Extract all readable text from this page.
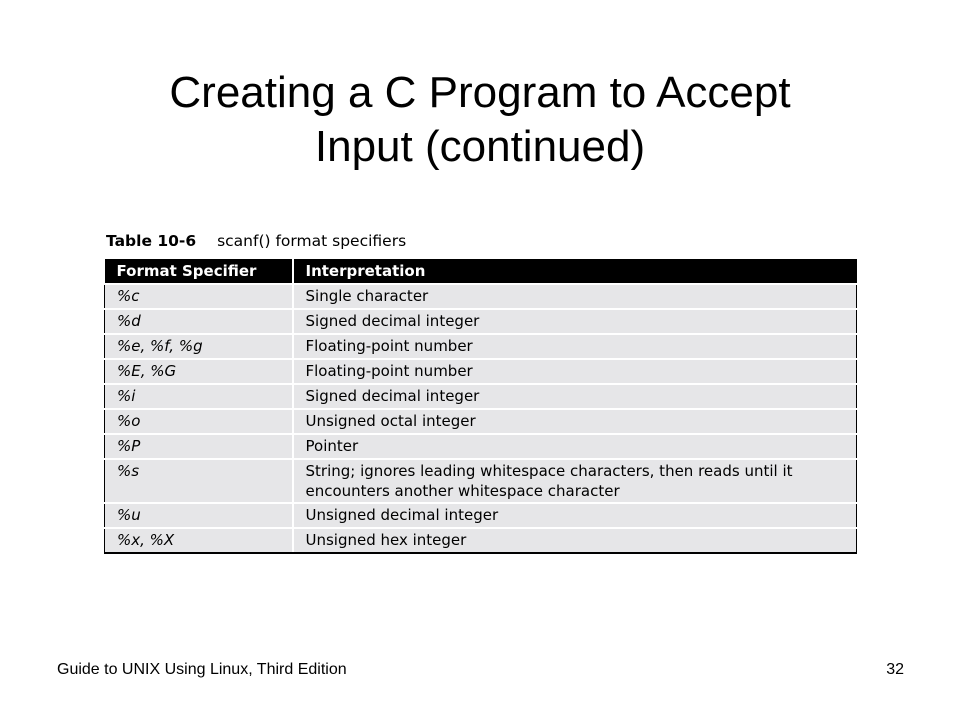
Creating a C Program to Accept
Input (continued)
Table 10-6 scanf() format specifiers
Format Specifier	Interpretation
%c	Single character
%d	Signed decimal integer
%e, %f, %g	Floating-point number
%E, %G	Floating-point number
%i	Signed decimal integer
%o	Unsigned octal integer
%P	Pointer
%s	String; ignores leading whitespace characters, then reads until it encounters another whitespace character
%u	Unsigned decimal integer
%x, %X	Unsigned hex integer
Guide to UNIX Using Linux, Third Edition	32
